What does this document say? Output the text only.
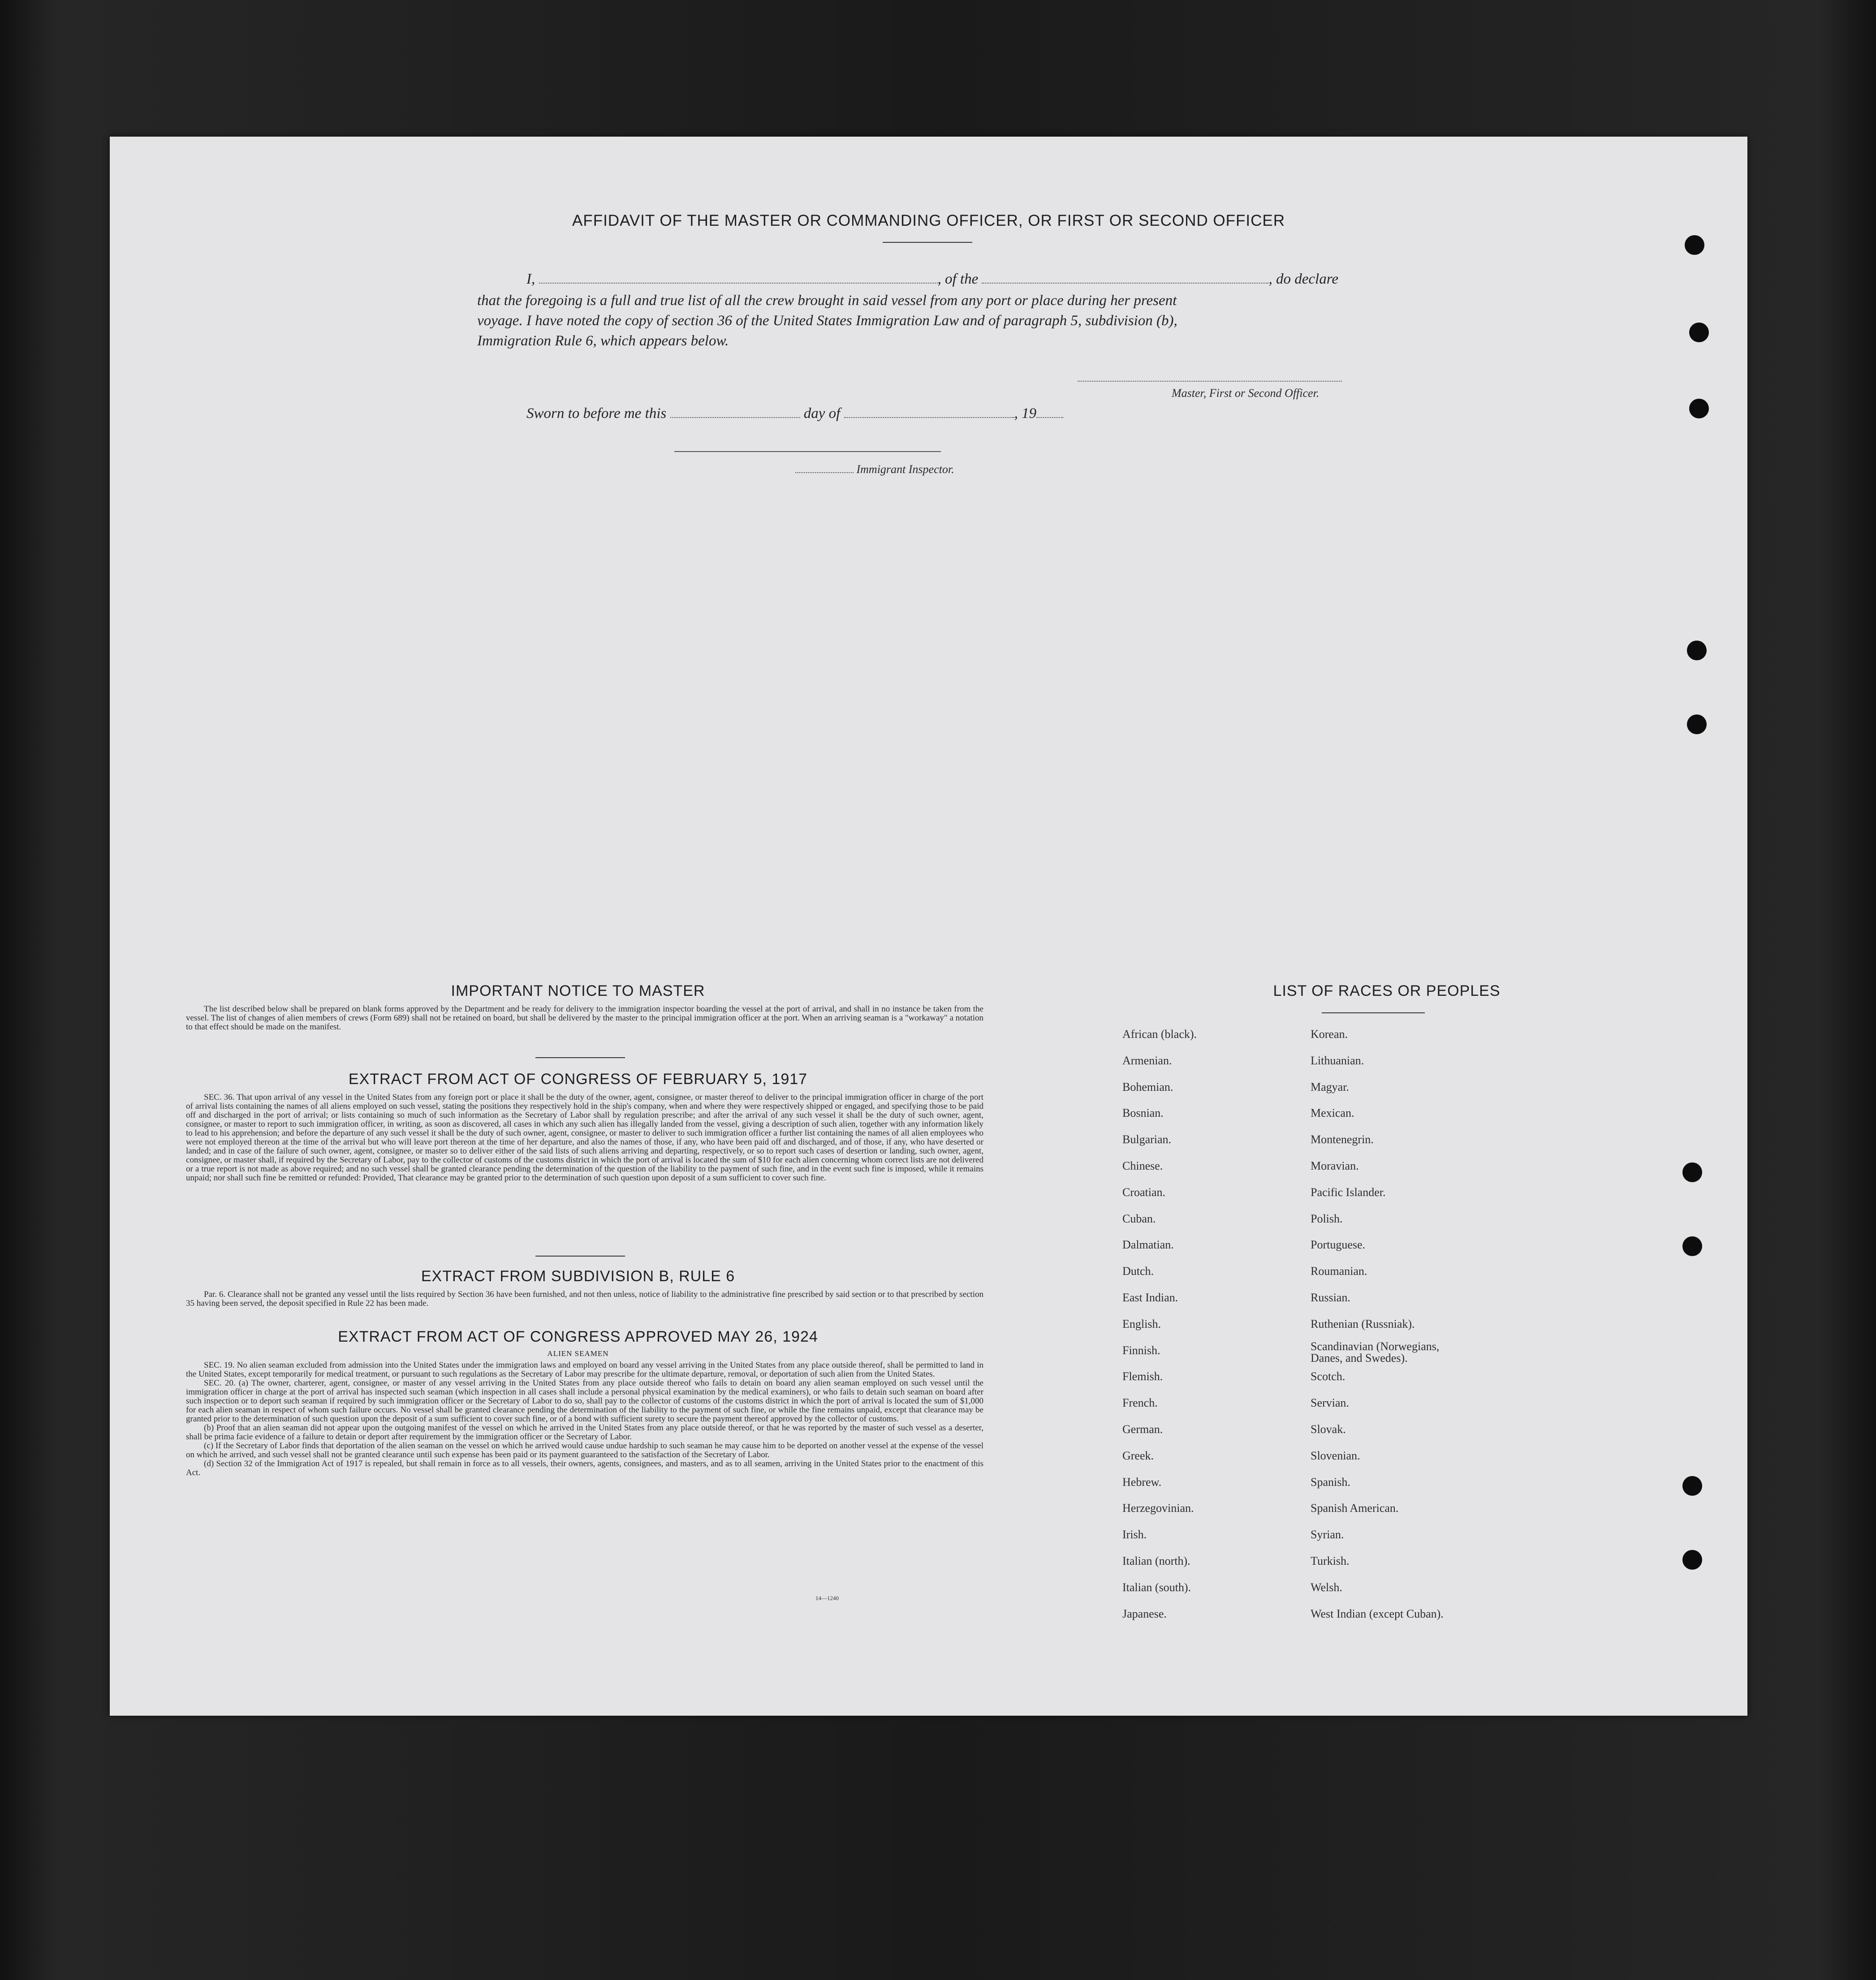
AFFIDAVIT OF THE MASTER OR COMMANDING OFFICER, OR FIRST OR SECOND OFFICER
I,	, of the	, do declare
that the foregoing is a full and true list of all the crew brought in said vessel from any port or place during her present
voyage. I have noted the copy of section 36 of the United States Immigration Law and of paragraph 5, subdivision (b),
Immigration Rule 6, which appears below.
Master, First or Second Officer.
Sworn to before me this	day of	, 19
Immigrant Inspector.
IMPORTANT NOTICE TO MASTER

The list described below shall be prepared on blank forms approved by the Department and be ready for delivery to the immigration inspector boarding the vessel at the port of arrival, and shall in no instance be taken from the vessel. The list of changes of alien members of crews (Form 689) shall not be retained on board, but shall be delivered by the master to the principal immigration officer at the port. When an arriving seaman is a "workaway" a notation to that effect should be made on the manifest.

EXTRACT FROM ACT OF CONGRESS OF FEBRUARY 5, 1917

SEC. 36. That upon arrival of any vessel in the United States from any foreign port or place it shall be the duty of the owner, agent, consignee, or master thereof to deliver to the principal immigration officer in charge of the port of arrival lists containing the names of all aliens employed on such vessel, stating the positions they respectively hold in the ship's company, when and where they were respectively shipped or engaged, and specifying those to be paid off and discharged in the port of arrival; or lists containing so much of such information as the Secretary of Labor shall by regulation prescribe; and after the arrival of any such vessel it shall be the duty of such owner, agent, consignee, or master to report to such immigration officer, in writing, as soon as discovered, all cases in which any such alien has illegally landed from the vessel, giving a description of such alien, together with any information likely to lead to his apprehension; and before the departure of any such vessel it shall be the duty of such owner, agent, consignee, or master to deliver to such immigration officer a further list containing the names of all alien employees who were not employed thereon at the time of the arrival but who will leave port thereon at the time of her departure, and also the names of those, if any, who have been paid off and discharged, and of those, if any, who have deserted or landed; and in case of the failure of such owner, agent, consignee, or master so to deliver either of the said lists of such aliens arriving and departing, respectively, or so to report such cases of desertion or landing, such owner, agent, consignee, or master shall, if required by the Secretary of Labor, pay to the collector of customs of the customs district in which the port of arrival is located the sum of $10 for each alien concerning whom correct lists are not delivered or a true report is not made as above required; and no such vessel shall be granted clearance pending the determination of the question of the liability to the payment of such fine, and in the event such fine is imposed, while it remains unpaid; nor shall such fine be remitted or refunded: Provided, That clearance may be granted prior to the determination of such question upon deposit of a sum sufficient to cover such fine.

EXTRACT FROM SUBDIVISION B, RULE 6

Par. 6. Clearance shall not be granted any vessel until the lists required by Section 36 have been furnished, and not then unless, notice of liability to the administrative fine prescribed by said section or to that prescribed by section 35 having been served, the deposit specified in Rule 22 has been made.

EXTRACT FROM ACT OF CONGRESS APPROVED MAY 26, 1924
ALIEN SEAMEN

SEC. 19. No alien seaman excluded from admission into the United States under the immigration laws and employed on board any vessel arriving in the United States from any place outside thereof, shall be permitted to land in the United States, except temporarily for medical treatment, or pursuant to such regulations as the Secretary of Labor may prescribe for the ultimate departure, removal, or deportation of such alien from the United States.

SEC. 20. (a) The owner, charterer, agent, consignee, or master of any vessel arriving in the United States from any place outside thereof who fails to detain on board any alien seaman employed on such vessel until the immigration officer in charge at the port of arrival has inspected such seaman (which inspection in all cases shall include a personal physical examination by the medical examiners), or who fails to detain such seaman on board after such inspection or to deport such seaman if required by such immigration officer or the Secretary of Labor to do so, shall pay to the collector of customs of the customs district in which the port of arrival is located the sum of $1,000 for each alien seaman in respect of whom such failure occurs. No vessel shall be granted clearance pending the determination of the liability to the payment of such fine, or while the fine remains unpaid, except that clearance may be granted prior to the determination of such question upon the deposit of a sum sufficient to cover such fine, or of a bond with sufficient surety to secure the payment thereof approved by the collector of customs.

(b) Proof that an alien seaman did not appear upon the outgoing manifest of the vessel on which he arrived in the United States from any place outside thereof, or that he was reported by the master of such vessel as a deserter, shall be prima facie evidence of a failure to detain or deport after requirement by the immigration officer or the Secretary of Labor.

(c) If the Secretary of Labor finds that deportation of the alien seaman on the vessel on which he arrived would cause undue hardship to such seaman he may cause him to be deported on another vessel at the expense of the vessel on which he arrived, and such vessel shall not be granted clearance until such expense has been paid or its payment guaranteed to the satisfaction of the Secretary of Labor.

(d) Section 32 of the Immigration Act of 1917 is repealed, but shall remain in force as to all vessels, their owners, agents, consignees, and masters, and as to all seamen, arriving in the United States prior to the enactment of this Act.

14—1240
LIST OF RACES OR PEOPLES
African (black).
Armenian.
Bohemian.
Bosnian.
Bulgarian.
Chinese.
Croatian.
Cuban.
Dalmatian.
Dutch.
East Indian.
English.
Finnish.
Flemish.
French.
German.
Greek.
Hebrew.
Herzegovinian.
Irish.
Italian (north).
Italian (south).
Japanese.
Korean.
Lithuanian.
Magyar.
Mexican.
Montenegrin.
Moravian.
Pacific Islander.
Polish.
Portuguese.
Roumanian.
Russian.
Ruthenian (Russniak).
Scandinavian (Norwegians, Danes, and Swedes).
Scotch.
Servian.
Slovak.
Slovenian.
Spanish.
Spanish American.
Syrian.
Turkish.
Welsh.
West Indian (except Cuban).
